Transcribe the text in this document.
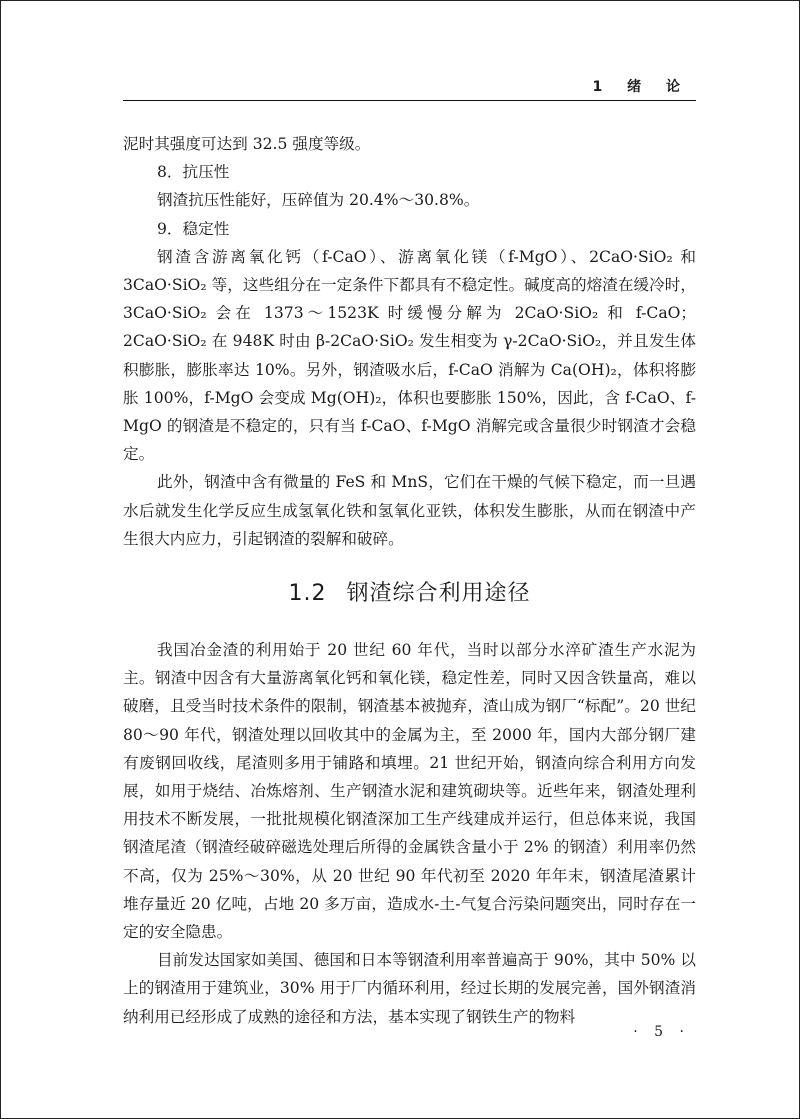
1 绪 论

泥时其强度可达到 32.5 强度等级。

8．抗压性

钢渣抗压性能好，压碎值为 20.4%～30.8%。

9．稳定性

钢渣含游离氧化钙（f-CaO）、游离氧化镁（f-MgO）、2CaO·SiO₂ 和 3CaO·SiO₂ 等，这些组分在一定条件下都具有不稳定性。碱度高的熔渣在缓冷时，3CaO·SiO₂ 会在 1373～1523K 时缓慢分解为 2CaO·SiO₂ 和 f-CaO；2CaO·SiO₂ 在 948K 时由 β-2CaO·SiO₂ 发生相变为 γ-2CaO·SiO₂，并且发生体积膨胀，膨胀率达 10%。另外，钢渣吸水后，f-CaO 消解为 Ca(OH)₂，体积将膨胀 100%，f-MgO 会变成 Mg(OH)₂，体积也要膨胀 150%，因此，含 f-CaO、f-MgO 的钢渣是不稳定的，只有当 f-CaO、f-MgO 消解完或含量很少时钢渣才会稳定。

此外，钢渣中含有微量的 FeS 和 MnS，它们在干燥的气候下稳定，而一旦遇水后就发生化学反应生成氢氧化铁和氢氧化亚铁，体积发生膨胀，从而在钢渣中产生很大内应力，引起钢渣的裂解和破碎。

1.2 钢渣综合利用途径

我国冶金渣的利用始于 20 世纪 60 年代，当时以部分水淬矿渣生产水泥为主。钢渣中因含有大量游离氧化钙和氧化镁，稳定性差，同时又因含铁量高，难以破磨，且受当时技术条件的限制，钢渣基本被抛弃，渣山成为钢厂“标配”。20 世纪 80～90 年代，钢渣处理以回收其中的金属为主，至 2000 年，国内大部分钢厂建有废钢回收线，尾渣则多用于铺路和填埋。21 世纪开始，钢渣向综合利用方向发展，如用于烧结、冶炼熔剂、生产钢渣水泥和建筑砌块等。近些年来，钢渣处理利用技术不断发展，一批批规模化钢渣深加工生产线建成并运行，但总体来说，我国钢渣尾渣（钢渣经破碎磁选处理后所得的金属铁含量小于 2% 的钢渣）利用率仍然不高，仅为 25%～30%，从 20 世纪 90 年代初至 2020 年年末，钢渣尾渣累计堆存量近 20 亿吨，占地 20 多万亩，造成水-土-气复合污染问题突出，同时存在一定的安全隐患。

目前发达国家如美国、德国和日本等钢渣利用率普遍高于 90%，其中 50% 以上的钢渣用于建筑业，30% 用于厂内循环利用，经过长期的发展完善，国外钢渣消纳利用已经形成了成熟的途径和方法，基本实现了钢铁生产的物料

· 5 ·
